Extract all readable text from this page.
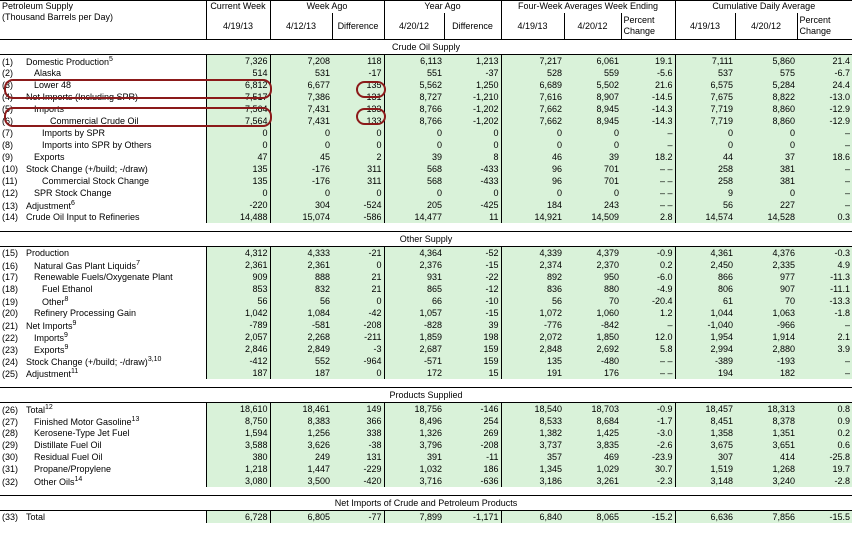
Petroleum Supply
(Thousand Barrels per Day)	Current Week	Week Ago		Year Ago		Four-Week Averages Week Ending			Cumulative Daily Average		
	4/19/13	4/12/13	Difference	4/20/12	Difference	4/19/13	4/20/12	Percent Change	4/19/13	4/20/12	Percent Change
Crude Oil Supply											
(1) Domestic Production$^5$	7,326	7,208	118	6,113	1,213	7,217	6,061	19.1	7,111	5,860	21.4
(2) Alaska	514	531	-17	551	-37	528	559	-5.6	537	575	-6.7
(3) Lower 48	6,812	6,677	135	5,562	1,250	6,689	5,502	21.6	6,575	5,284	24.4
(4) Net Imports (Including SPR)	7,517	7,386	131	8,727	-1,210	7,616	8,907	-14.5	7,675	8,822	-13.0
(5) Imports	7,564	7,431	133	8,766	-1,202	7,662	8,945	-14.3	7,719	8,860	-12.9
(6) Commercial Crude Oil	7,564	7,431	133	8,766	-1,202	7,662	8,945	-14.3	7,719	8,860	-12.9
(7) Imports by SPR	0	0	0	0	0	0	0	–	0	0	–
(8) Imports into SPR by Others	0	0	0	0	0	0	0	–	0	0	–
(9) Exports	47	45	2	39	8	46	39	18.2	44	37	18.6
(10) Stock Change (+/build; -/draw)	135	-176	311	568	-433	96	701	– –	258	381	–
(11) Commercial Stock Change	135	-176	311	568	-433	96	701	– –	258	381	–
(12) SPR Stock Change	0	0	0	0	0	0	0	– –	9	0	–
(13) Adjustment$^6$	-220	304	-524	205	-425	184	243	– –	56	227	–
(14) Crude Oil Input to Refineries	14,488	15,074	-586	14,477	11	14,921	14,509	2.8	14,574	14,528	0.3

Other Supply											
(15) Production	4,312	4,333	-21	4,364	-52	4,339	4,379	-0.9	4,361	4,376	-0.3
(16) Natural Gas Plant Liquids$^7$	2,361	2,361	0	2,376	-15	2,374	2,370	0.2	2,450	2,335	4.9
(17) Renewable Fuels/Oxygenate Plant	909	888	21	931	-22	892	950	-6.0	866	977	-11.3
(18) Fuel Ethanol	853	832	21	865	-12	836	880	-4.9	806	907	-11.1
(19) Other$^8$	56	56	0	66	-10	56	70	-20.4	61	70	-13.3
(20) Refinery Processing Gain	1,042	1,084	-42	1,057	-15	1,072	1,060	1.2	1,044	1,063	-1.8
(21) Net Imports$^9$	-789	-581	-208	-828	39	-776	-842	–	-1,040	-966	–
(22) Imports$^9$	2,057	2,268	-211	1,859	198	2,072	1,850	12.0	1,954	1,914	2.1
(23) Exports$^9$	2,846	2,849	-3	2,687	159	2,848	2,692	5.8	2,994	2,880	3.9
(24) Stock Change (+/build; -/draw)$^{3,10}$	-412	552	-964	-571	159	135	-480	– –	-389	-193	–
(25) Adjustment$^{11}$	187	187	0	172	15	191	176	– –	194	182	–

Products Supplied											
(26) Total$^{12}$	18,610	18,461	149	18,756	-146	18,540	18,703	-0.9	18,457	18,313	0.8
(27) Finished Motor Gasoline$^{13}$	8,750	8,383	366	8,496	254	8,533	8,684	-1.7	8,451	8,378	0.9
(28) Kerosene-Type Jet Fuel	1,594	1,256	338	1,326	269	1,382	1,425	-3.0	1,358	1,351	0.2
(29) Distillate Fuel Oil	3,588	3,626	-38	3,796	-208	3,737	3,835	-2.6	3,675	3,651	0.6
(30) Residual Fuel Oil	380	249	131	391	-11	357	469	-23.9	307	414	-25.8
(31) Propane/Propylene	1,218	1,447	-229	1,032	186	1,345	1,029	30.7	1,519	1,268	19.7
(32) Other Oils$^{14}$	3,080	3,500	-420	3,716	-636	3,186	3,261	-2.3	3,148	3,240	-2.8

Net Imports of Crude and Petroleum Products											
(33) Total	6,728	6,805	-77	7,899	-1,171	6,840	8,065	-15.2	6,636	7,856	-15.5
